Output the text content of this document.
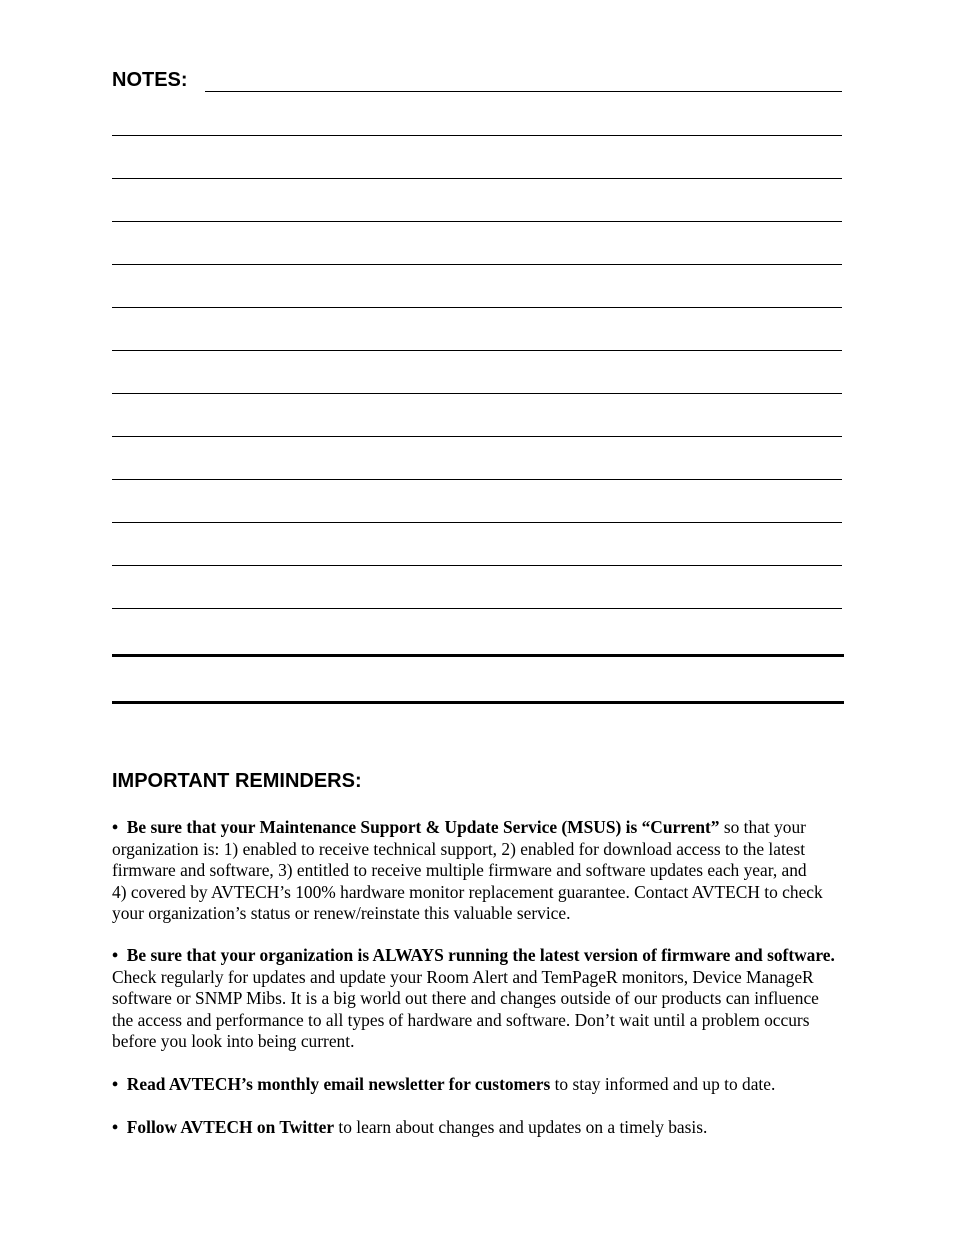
NOTES:
IMPORTANT REMINDERS:

• Be sure that your Maintenance Support & Update Service (MSUS) is “Current” so that your
organization is: 1) enabled to receive technical support, 2) enabled for download access to the latest
firmware and software, 3) entitled to receive multiple firmware and software updates each year, and
4) covered by AVTECH’s 100% hardware monitor replacement guarantee. Contact AVTECH to check
your organization’s status or renew/reinstate this valuable service.

• Be sure that your organization is ALWAYS running the latest version of firmware and software.
Check regularly for updates and update your Room Alert and TemPageR monitors, Device ManageR
software or SNMP Mibs. It is a big world out there and changes outside of our products can influence
the access and performance to all types of hardware and software. Don’t wait until a problem occurs
before you look into being current.

• Read AVTECH’s monthly email newsletter for customers to stay informed and up to date.

• Follow AVTECH on Twitter to learn about changes and updates on a timely basis.
